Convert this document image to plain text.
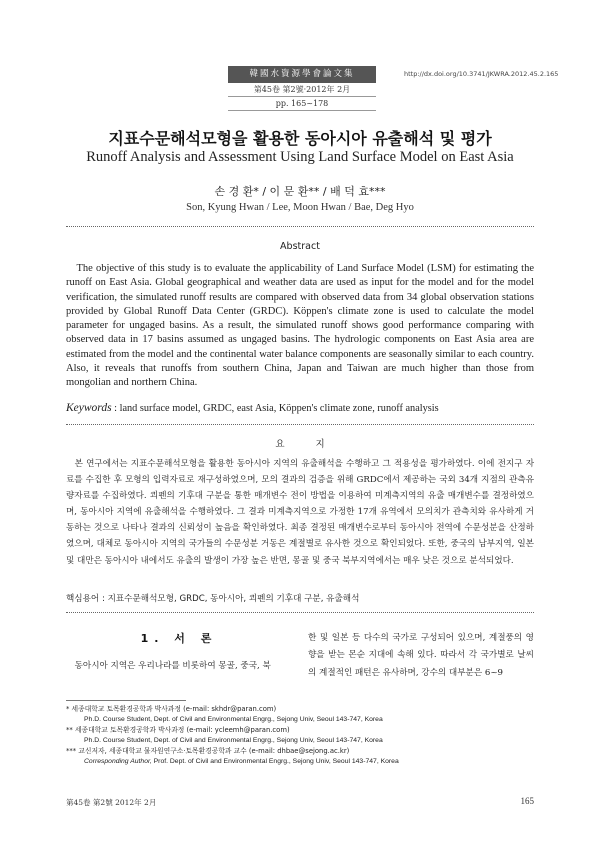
韓國水資源學會論文集
第45卷 第2號·2012年 2月
pp. 165~178
http://dx.doi.org/10.3741/JKWRA.2012.45.2.165
지표수문해석모형을 활용한 동아시아 유출해석 및 평가
Runoff Analysis and Assessment Using Land Surface Model on East Asia
손 경 환* / 이 문 환** / 배 덕 효***
Son, Kyung Hwan / Lee, Moon Hwan / Bae, Deg Hyo
Abstract
The objective of this study is to evaluate the applicability of Land Surface Model (LSM) for estimating the runoff on East Asia. Global geographical and weather data are used as input for the model and for the model verification, the simulated runoff results are compared with observed data from 34 global observation stations provided by Global Runoff Data Center (GRDC). Köppen's climate zone is used to calculate the model parameter for ungaged basins. As a result, the simulated runoff shows good performance comparing with observed data in 17 basins assumed as ungaged basins. The hydrologic components on East Asia area are estimated from the model and the continental water balance components are seasonally similar to each country. Also, it reveals that runoffs from southern China, Japan and Taiwan are much higher than those from mongolian and northern China.
Keywords : land surface model, GRDC, east Asia, Köppen's climate zone, runoff analysis
요 지
본 연구에서는 지표수문해석모형을 활용한 동아시아 지역의 유출해석을 수행하고 그 적용성을 평가하였다. 이에 전지구 자료를 수집한 후 모형의 입력자료로 재구성하였으며, 모의 결과의 검증을 위해 GRDC에서 제공하는 국외 34개 지점의 관측유량자료를 수집하였다. 쾨펜의 기후대 구분을 통한 매개변수 전이 방법을 이용하여 미계측지역의 유출 매개변수를 결정하였으며, 동아시아 지역에 유출해석을 수행하였다. 그 결과 미계측지역으로 가정한 17개 유역에서 모의치가 관측치와 유사하게 거동하는 것으로 나타나 결과의 신뢰성이 높음을 확인하였다. 최종 결정된 매개변수로부터 동아시아 전역에 수문성분을 산정하였으며, 대체로 동아시아 지역의 국가들의 수문성분 거동은 계절별로 유사한 것으로 확인되었다. 또한, 중국의 남부지역, 일본 및 대만은 동아시아 내에서도 유출의 발생이 가장 높은 반면, 몽골 및 중국 북부지역에서는 매우 낮은 것으로 분석되었다.
핵심용어 : 지표수문해석모형, GRDC, 동아시아, 쾨펜의 기후대 구분, 유출해석
1. 서 론
동아시아 지역은 우리나라를 비롯하여 몽골, 중국, 북
한 및 일본 등 다수의 국가로 구성되어 있으며, 계절풍의 영향을 받는 몬순 지대에 속해 있다. 따라서 각 국가별로 날씨의 계절적인 패턴은 유사하며, 강수의 대부분은 6~9
* 세종대학교 토목환경공학과 박사과정 (e-mail: skhdr@paran.com)
Ph.D. Course Student, Dept. of Civil and Environmental Engrg., Sejong Univ, Seoul 143-747, Korea
** 세종대학교 토목환경공학과 박사과정 (e-mail: ycleemh@paran.com)
Ph.D. Course Student, Dept. of Civil and Environmental Engrg., Sejong Univ, Seoul 143-747, Korea
*** 교신저자, 세종대학교 물자원연구소·토목환경공학과 교수 (e-mail: dhbae@sejong.ac.kr)
Corresponding Author, Prof. Dept. of Civil and Environmental Engrg., Sejong Univ, Seoul 143-747, Korea
第45卷 第2號 2012年 2月	165
